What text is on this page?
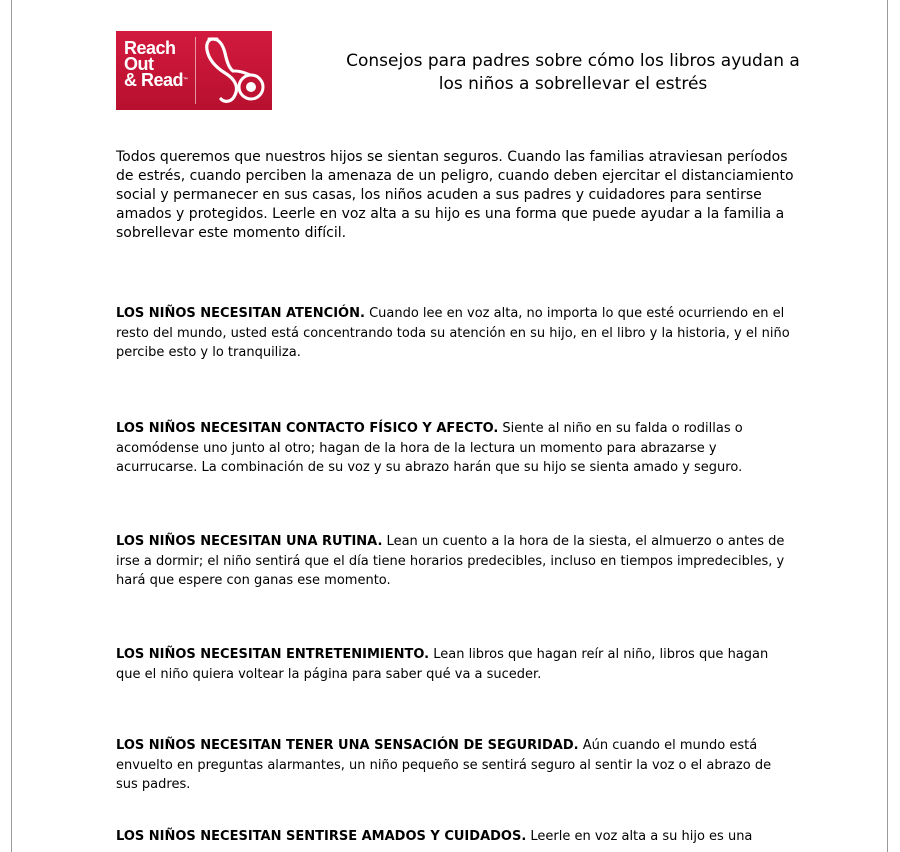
Reach
Out
& Read™
Consejos para padres sobre cómo los libros ayudan a
los niños a sobrellevar el estrés

Todos queremos que nuestros hijos se sientan seguros. Cuando las familias atraviesan períodos de estrés, cuando perciben la amenaza de un peligro, cuando deben ejercitar el distanciamiento social y permanecer en sus casas, los niños acuden a sus padres y cuidadores para sentirse amados y protegidos. Leerle en voz alta a su hijo es una forma que puede ayudar a la familia a sobrellevar este momento difícil.

LOS NIÑOS NECESITAN ATENCIÓN. Cuando lee en voz alta, no importa lo que esté ocurriendo en el resto del mundo, usted está concentrando toda su atención en su hijo, en el libro y la historia, y el niño percibe esto y lo tranquiliza.

LOS NIÑOS NECESITAN CONTACTO FÍSICO Y AFECTO. Siente al niño en su falda o rodillas o acomódense uno junto al otro; hagan de la hora de la lectura un momento para abrazarse y acurrucarse. La combinación de su voz y su abrazo harán que su hijo se sienta amado y seguro.

LOS NIÑOS NECESITAN UNA RUTINA. Lean un cuento a la hora de la siesta, el almuerzo o antes de irse a dormir; el niño sentirá que el día tiene horarios predecibles, incluso en tiempos impredecibles, y hará que espere con ganas ese momento.

LOS NIÑOS NECESITAN ENTRETENIMIENTO. Lean libros que hagan reír al niño, libros que hagan que el niño quiera voltear la página para saber qué va a suceder.

LOS NIÑOS NECESITAN TENER UNA SENSACIÓN DE SEGURIDAD. Aún cuando el mundo está envuelto en preguntas alarmantes, un niño pequeño se sentirá seguro al sentir la voz o el abrazo de sus padres.

LOS NIÑOS NECESITAN SENTIRSE AMADOS Y CUIDADOS. Leerle en voz alta a su hijo es una
